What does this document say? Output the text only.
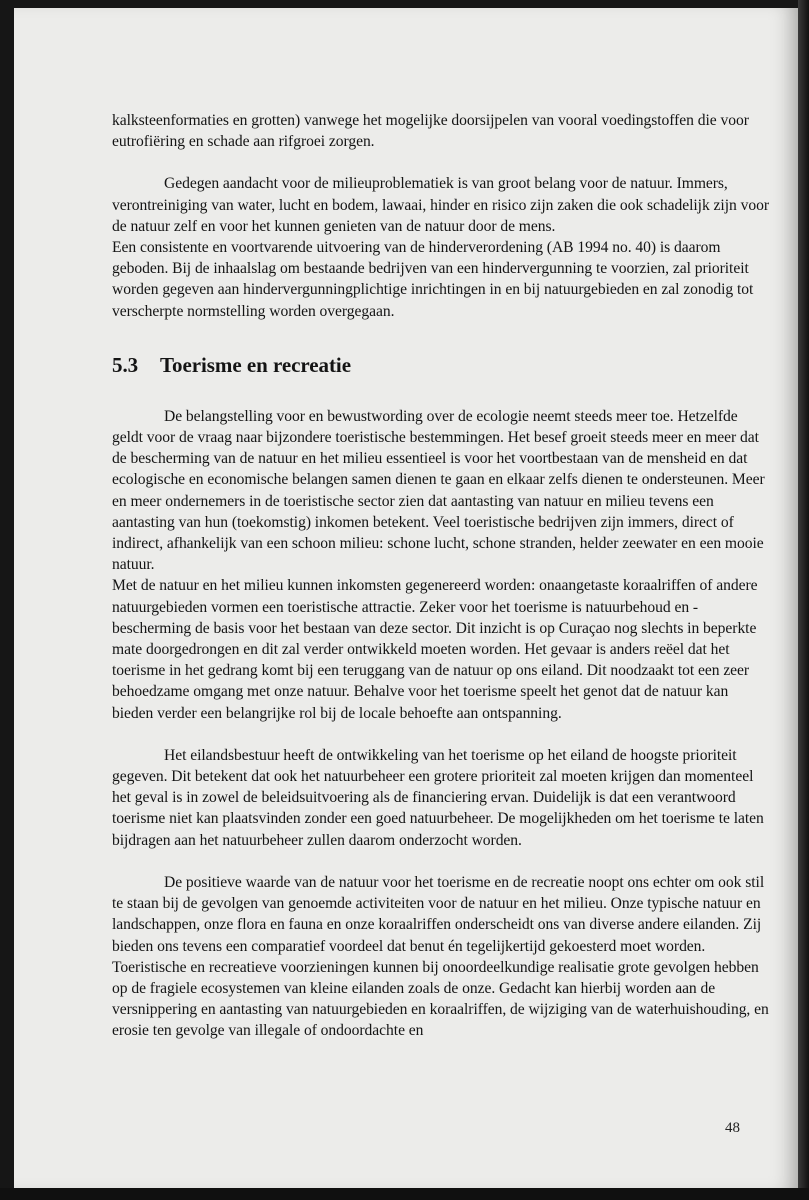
kalksteenformaties en grotten) vanwege het mogelijke doorsijpelen van vooral voedingstoffen die voor eutrofiëring en schade aan rifgroei zorgen.

Gedegen aandacht voor de milieuproblematiek is van groot belang voor de natuur. Immers, verontreiniging van water, lucht en bodem, lawaai, hinder en risico zijn zaken die ook schadelijk zijn voor de natuur zelf en voor het kunnen genieten van de natuur door de mens.

Een consistente en voortvarende uitvoering van de hinderverordening (AB 1994 no. 40) is daarom geboden. Bij de inhaalslag om bestaande bedrijven van een hindervergunning te voorzien, zal prioriteit worden gegeven aan hindervergunningplichtige inrichtingen in en bij natuurgebieden en zal zonodig tot verscherpte normstelling worden overgegaan.

5.3	Toerisme en recreatie

De belangstelling voor en bewustwording over de ecologie neemt steeds meer toe. Hetzelfde geldt voor de vraag naar bijzondere toeristische bestemmingen. Het besef groeit steeds meer en meer dat de bescherming van de natuur en het milieu essentieel is voor het voortbestaan van de mensheid en dat ecologische en economische belangen samen dienen te gaan en elkaar zelfs dienen te ondersteunen. Meer en meer ondernemers in de toeristische sector zien dat aantasting van natuur en milieu tevens een aantasting van hun (toekomstig) inkomen betekent. Veel toeristische bedrijven zijn immers, direct of indirect, afhankelijk van een schoon milieu: schone lucht, schone stranden, helder zeewater en een mooie natuur.

Met de natuur en het milieu kunnen inkomsten gegenereerd worden: onaangetaste koraalriffen of andere natuurgebieden vormen een toeristische attractie. Zeker voor het toerisme is natuurbehoud en -bescherming de basis voor het bestaan van deze sector. Dit inzicht is op Curaçao nog slechts in beperkte mate doorgedrongen en dit zal verder ontwikkeld moeten worden. Het gevaar is anders reëel dat het toerisme in het gedrang komt bij een teruggang van de natuur op ons eiland. Dit noodzaakt tot een zeer behoedzame omgang met onze natuur. Behalve voor het toerisme speelt het genot dat de natuur kan bieden verder een belangrijke rol bij de locale behoefte aan ontspanning.

Het eilandsbestuur heeft de ontwikkeling van het toerisme op het eiland de hoogste prioriteit gegeven. Dit betekent dat ook het natuurbeheer een grotere prioriteit zal moeten krijgen dan momenteel het geval is in zowel de beleidsuitvoering als de financiering ervan. Duidelijk is dat een verantwoord toerisme niet kan plaatsvinden zonder een goed natuurbeheer. De mogelijkheden om het toerisme te laten bijdragen aan het natuurbeheer zullen daarom onderzocht worden.

De positieve waarde van de natuur voor het toerisme en de recreatie noopt ons echter om ook stil te staan bij de gevolgen van genoemde activiteiten voor de natuur en het milieu. Onze typische natuur en landschappen, onze flora en fauna en onze koraalriffen onderscheidt ons van diverse andere eilanden. Zij bieden ons tevens een comparatief voordeel dat benut én tegelijkertijd gekoesterd moet worden.

Toeristische en recreatieve voorzieningen kunnen bij onoordeelkundige realisatie grote gevolgen hebben op de fragiele ecosystemen van kleine eilanden zoals de onze. Gedacht kan hierbij worden aan de versnippering en aantasting van natuurgebieden en koraalriffen, de wijziging van de waterhuishouding, en erosie ten gevolge van illegale of ondoordachte en

48
